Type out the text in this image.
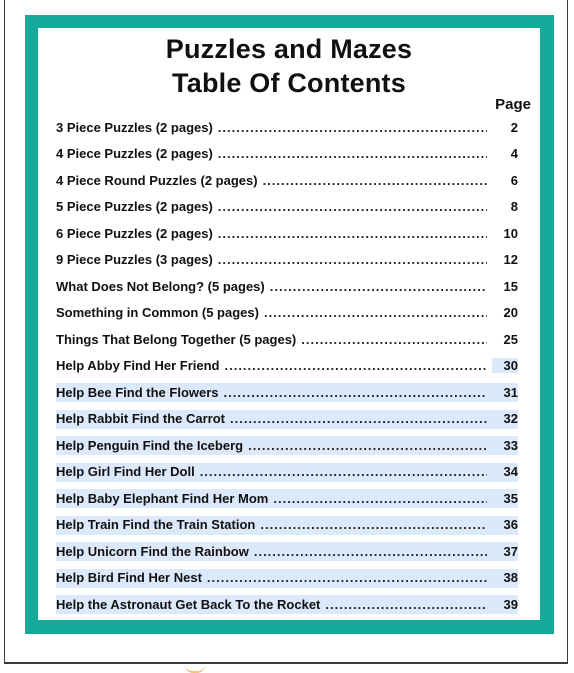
Puzzles and Mazes
Table Of Contents
Page
3 Piece Puzzles (2 pages) .....	2
4 Piece Puzzles (2 pages) .....	4
4 Piece Round Puzzles (2 pages) .....	6
5 Piece Puzzles (2 pages) .....	8
6 Piece Puzzles (2 pages) .....	10
9 Piece Puzzles (3 pages) .....	12
What Does Not Belong? (5 pages) .....	15
Something in Common (5 pages) .....	20
Things That Belong Together (5 pages) .....	25
Help Abby Find Her Friend .....	30
Help Bee Find the Flowers .....	31
Help Rabbit Find the Carrot .....	32
Help Penguin Find the Iceberg .....	33
Help Girl Find Her Doll .....	34
Help Baby Elephant Find Her Mom .....	35
Help Train Find the Train Station .....	36
Help Unicorn Find the Rainbow .....	37
Help Bird Find Her Nest .....	38
Help the Astronaut Get Back To the Rocket .....	39
